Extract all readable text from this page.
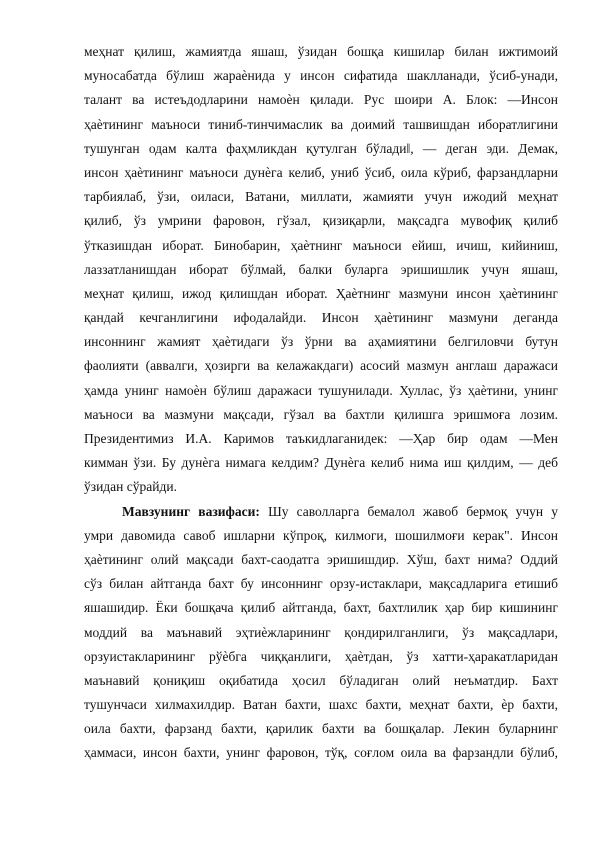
меҳнат қилиш, жамиятда яшаш, ўзидан бошқа кишилар билан ижтимоий
муносабатда бўлиш жараѐнида у инсон сифатида шаклланади, ўсиб-унади,
талант ва истеъдодларини намоѐн қилади. Рус шоири А. Блок: ―Инсон
ҳаѐтининг маъноси тиниб-тинчимаслик ва доимий ташвишдан иборатлигини
тушунган одам калта фаҳмликдан қутулган бўлади‖, — деган эди. Демак,
инсон ҳаѐтининг маъноси дунѐга келиб, униб ўсиб, оила кўриб, фарзандларни
тарбиялаб, ўзи, оиласи, Ватани, миллати, жамияти учун ижодий меҳнат
қилиб, ўз умрини фаровон, гўзал, қизиқарли, мақсадга мувофиқ қилиб
ўтказишдан иборат. Бинобарин, ҳаѐтнинг маъноси ейиш, ичиш, кийиниш,
лаззатланишдан иборат бўлмай, балки буларга эришишлик учун яшаш,
меҳнат қилиш, ижод қилишдан иборат. Ҳаѐтнинг мазмуни инсон ҳаѐтининг
қандай кечганлигини ифодалайди. Инсон ҳаѐтининг мазмуни деганда
инсоннинг жамият ҳаѐтидаги ўз ўрни ва аҳамиятини белгиловчи бутун
фаолияти (аввалги, ҳозирги ва келажакдаги) асосий мазмун англаш даражаси
ҳамда унинг намоѐн бўлиш даражаси тушунилади. Хуллас, ўз ҳаѐтини, унинг
маъноси ва мазмуни мақсади, гўзал ва бахтли қилишга эришмоға лозим.
Президентимиз И.А. Каримов таъкидлаганидек: ―Ҳар бир одам ―Мен
кимман ўзи. Бу дунѐга нимага келдим? Дунѐга келиб нима иш қилдим, — деб
ўзидан сўрайди.
Мавзунинг вазифаси: Шу саволларга бемалол жавоб бермоқ учун у
умри давомида савоб ишларни кўпроқ, килмоги, шошилмоғи керак". Инсон
ҳаѐтининг олий мақсади бахт-саодатга эришишдир. Хўш, бахт нима? Оддий
сўз билан айтганда бахт бу инсоннинг орзу-истаклари, мақсадларига етишиб
яшашидир. Ёки бошқача қилиб айтганда, бахт, бахтлилик ҳар бир кишининг
моддий ва маънавий эҳтиѐжларининг қондирилганлиги, ўз мақсадлари,
орзуистакларининг рўѐбга чиққанлиги, ҳаѐтдан, ўз хатти-ҳаракатларидан
маънавий қониқиш оқибатида ҳосил бўладиган олий неъматдир. Бахт
тушунчаси хилмахилдир. Ватан бахти, шахс бахти, меҳнат бахти, ѐр бахти,
оила бахти, фарзанд бахти, қарилик бахти ва бошқалар. Лекин буларнинг
ҳаммаси, инсон бахти, унинг фаровон, тўқ, соғлом оила ва фарзандли бўлиб,
